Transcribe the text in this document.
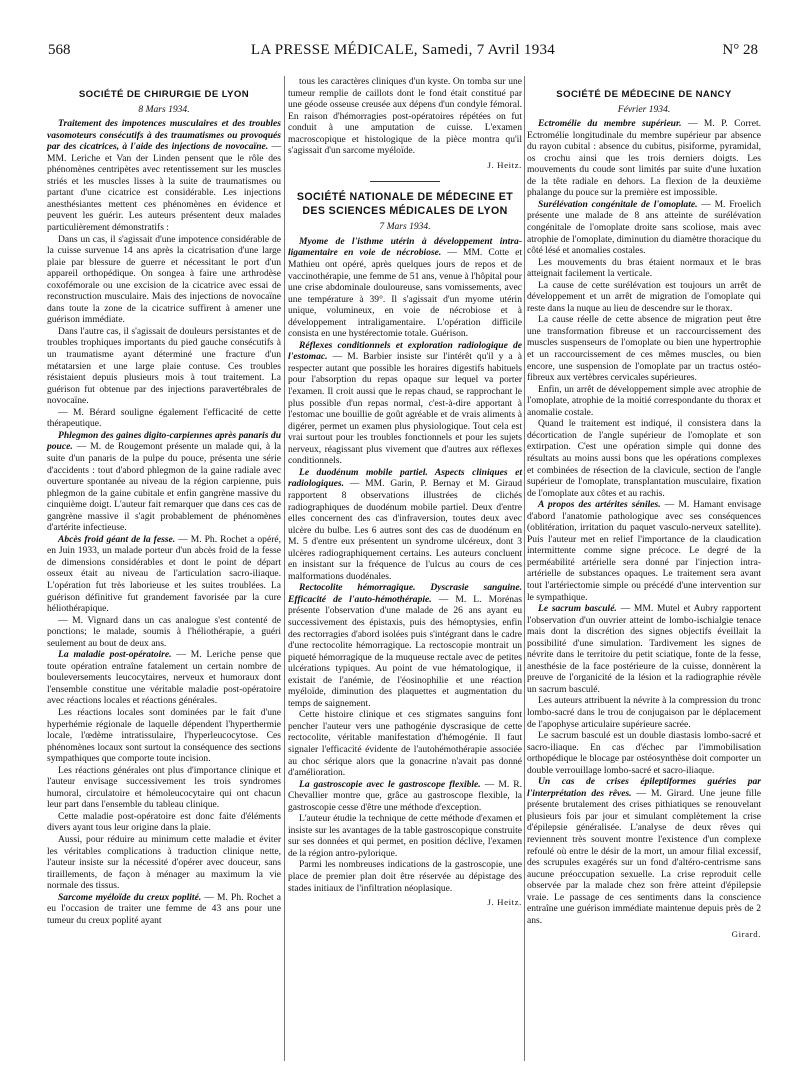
568	LA PRESSE MÉDICALE, Samedi, 7 Avril 1934	N° 28
SOCIÉTÉ DE CHIRURGIE DE LYON
8 Mars 1934.

Traitement des impotences musculaires et des troubles vasomoteurs consécutifs à des traumatismes ou provoqués par des cicatrices, à l'aide des injections de novocaïne. — MM. Leriche et Van der Linden pensent que le rôle des phénomènes centripètes avec retentissement sur les muscles striés et les muscles lisses à la suite de traumatismes ou partant d'une cicatrice est considérable. Les injections anesthésiantes mettent ces phénomènes en évidence et peuvent les guérir. Les auteurs présentent deux malades particulièrement démonstratifs :

Dans un cas, il s'agissait d'une impotence considérable de la cuisse survenue 14 ans après la cicatrisation d'une large plaie par blessure de guerre et nécessitant le port d'un appareil orthopédique. On songea à faire une arthrodèse coxofémorale ou une excision de la cicatrice avec essai de reconstruction musculaire. Mais des injections de novocaïne dans toute la zone de la cicatrice suffirent à amener une guérison immédiate.

Dans l'autre cas, il s'agissait de douleurs persistantes et de troubles trophiques importants du pied gauche consécutifs à un traumatisme ayant déterminé une fracture d'un métatarsien et une large plaie contuse. Ces troubles résistaient depuis plusieurs mois à tout traitement. La guérison fut obtenue par des injections paravertébrales de novocaïne.

— M. Bérard souligne également l'efficacité de cette thérapeutique.

Phlegmon des gaines digito-carpiennes après panaris du pouce. — M. de Rougemont présente un malade qui, à la suite d'un panaris de la pulpe du pouce, présenta une série d'accidents : tout d'abord phlegmon de la gaine radiale avec ouverture spontanée au niveau de la région carpienne, puis phlegmon de la gaine cubitale et enfin gangrène massive du cinquième doigt. L'auteur fait remarquer que dans ces cas de gangrène massive il s'agit probablement de phénomènes d'artérite infectieuse.

Abcès froid géant de la fesse. — M. Ph. Rochet a opéré, en Juin 1933, un malade porteur d'un abcès froid de la fesse de dimensions considérables et dont le point de départ osseux était au niveau de l'articulation sacro-iliaque. L'opération fut très laborieuse et les suites troublées. La guérison définitive fut grandement favorisée par la cure héliothérapique.

— M. Vignard dans un cas analogue s'est contenté de ponctions; le malade, soumis à l'héliothérapie, a guéri seulement au bout de deux ans.

La maladie post-opératoire. — M. Leriche pense que toute opération entraîne fatalement un certain nombre de bouleversements leucocytaires, nerveux et humoraux dont l'ensemble constitue une véritable maladie post-opératoire avec réactions locales et réactions générales.

Les réactions locales sont dominées par le fait d'une hyperhémie régionale de laquelle dépendent l'hyperthermie locale, l'œdème intratissulaire, l'hyperleucocytose. Ces phénomènes locaux sont surtout la conséquence des sections sympathiques que comporte toute incision.

Les réactions générales ont plus d'importance clinique et l'auteur envisage successivement les trois syndromes humoral, circulatoire et hémoleucocytaire qui ont chacun leur part dans l'ensemble du tableau clinique.

Cette maladie post-opératoire est donc faite d'éléments divers ayant tous leur origine dans la plaie.

Aussi, pour réduire au minimum cette maladie et éviter les véritables complications à traduction clinique nette, l'auteur insiste sur la nécessité d'opérer avec douceur, sans tiraillements, de façon à ménager au maximum la vie normale des tissus.

Sarcome myéloïde du creux poplité. — M. Ph. Rochet a eu l'occasion de traiter une femme de 43 ans pour une tumeur du creux poplité ayant

tous les caractères cliniques d'un kyste. On tomba sur une tumeur remplie de caillots dont le fond était constitué par une géode osseuse creusée aux dépens d'un condyle fémoral. En raison d'hémorragies post-opératoires répétées on fut conduit à une amputation de cuisse. L'examen macroscopique et histologique de la pièce montra qu'il s'agissait d'un sarcome myéloïde.

J. Heitz.
SOCIÉTÉ NATIONALE DE MÉDECINE ET DES SCIENCES MÉDICALES DE LYON
7 Mars 1934.

Myome de l'isthme utérin à développement intra-ligamentaire en voie de nécrobiose. — MM. Cotte et Mathieu ont opéré, après quelques jours de repos et de vaccinothérapie, une femme de 51 ans, venue à l'hôpital pour une crise abdominale douloureuse, sans vomissements, avec une température à 39°. Il s'agissait d'un myome utérin unique, volumineux, en voie de nécrobiose et à développement intraligamentaire. L'opération difficile consista en une hystérectomie totale. Guérison.

Réflexes conditionnels et exploration radiologique de l'estomac. — M. Barbier insiste sur l'intérêt qu'il y a à respecter autant que possible les horaires digestifs habituels pour l'absorption du repas opaque sur lequel va porter l'examen. Il croit aussi que le repas chaud, se rapprochant le plus possible d'un repas normal, c'est-à-dire apportant à l'estomac une bouillie de goût agréable et de vrais aliments à digérer, permet un examen plus physiologique. Tout cela est vrai surtout pour les troubles fonctionnels et pour les sujets nerveux, réagissant plus vivement que d'autres aux réflexes conditionnels.

Le duodénum mobile partiel. Aspects cliniques et radiologiques. — MM. Garin, P. Bernay et M. Giraud rapportent 8 observations illustrées de clichés radiographiques de duodénum mobile partiel. Deux d'entre elles concernent des cas d'infraversion, toutes deux avec ulcère du bulbe. Les 6 autres sont des cas de duodénum en M. 5 d'entre eux présentent un syndrome ulcéreux, dont 3 ulcères radiographiquement certains. Les auteurs concluent en insistant sur la fréquence de l'ulcus au cours de ces malformations duodénales.

Rectocolite hémorragique. Dyscrasie sanguine. Efficacité de l'auto-hémothérapie. — M. L. Morénas présente l'observation d'une malade de 26 ans ayant eu successivement des épistaxis, puis des hémoptysies, enfin des rectorragies d'abord isolées puis s'intégrant dans le cadre d'une rectocolite hémorragique. La rectoscopie montrait un piqueté hémorragique de la muqueuse rectale avec de petites ulcérations typiques. Au point de vue hématologique, il existait de l'anémie, de l'éosinophilie et une réaction myéloïde, diminution des plaquettes et augmentation du temps de saignement.

Cette histoire clinique et ces stigmates sanguins font pencher l'auteur vers une pathogénie dyscrasique de cette rectocolite, véritable manifestation d'hémogénie. Il faut signaler l'efficacité évidente de l'autohémothérapie associée au choc sérique alors que la gonacrine n'avait pas donné d'amélioration.

La gastroscopie avec le gastroscope flexible. — M. R. Chevallier montre que, grâce au gastroscope flexible, la gastroscopie cesse d'être une méthode d'exception.

L'auteur étudie la technique de cette méthode d'examen et insiste sur les avantages de la table gastroscopique construite sur ses données et qui permet, en position déclive, l'examen de la région antro-pylorique.

Parmi les nombreuses indications de la gastroscopie, une place de premier plan doit être réservée au dépistage des stades initiaux de l'infiltration néoplasique.

J. Heitz.
SOCIÉTÉ DE MÉDECINE DE NANCY
Février 1934.

Ectromélie du membre supérieur. — M. P. Corret. Ectromélie longitudinale du membre supérieur par absence du rayon cubital : absence du cubitus, pisiforme, pyramidal, os crochu ainsi que les trois derniers doigts. Les mouvements du coude sont limités par suite d'une luxation de la tête radiale en dehors. La flexion de la deuxième phalange du pouce sur la première est impossible.

Surélévation congénitale de l'omoplate. — M. Froelich présente une malade de 8 ans atteinte de surélévation congénitale de l'omoplate droite sans scoliose, mais avec atrophie de l'omoplate, diminution du diamètre thoracique du côté lésé et anomalies costales.

Les mouvements du bras étaient normaux et le bras atteignait facilement la verticale.

La cause de cette surélévation est toujours un arrêt de développement et un arrêt de migration de l'omoplate qui reste dans la nuque au lieu de descendre sur le thorax.

La cause réelle de cette absence de migration peut être une transformation fibreuse et un raccourcissement des muscles suspenseurs de l'omoplate ou bien une hypertrophie et un raccourcissement de ces mêmes muscles, ou bien encore, une suspension de l'omoplate par un tractus ostéo-fibreux aux vertèbres cervicales supérieures.

Enfin, un arrêt de développement simple avec atrophie de l'omoplate, atrophie de la moitié correspondante du thorax et anomalie costale.

Quand le traitement est indiqué, il consistera dans la décortication de l'angle supérieur de l'omoplate et son extirpation. C'est une opération simple qui donne des résultats au moins aussi bons que les opérations complexes et combinées de résection de la clavicule, section de l'angle supérieur de l'omoplate, transplantation musculaire, fixation de l'omoplate aux côtes et au rachis.

A propos des artérites séniles. — M. Hamant envisage d'abord l'anatomie pathologique avec ses conséquences (oblitération, irritation du paquet vasculo-nerveux satellite). Puis l'auteur met en relief l'importance de la claudication intermittente comme signe précoce. Le degré de la perméabilité artérielle sera donné par l'injection intra-artérielle de substances opaques. Le traitement sera avant tout l'artériectomie simple ou précédé d'une intervention sur le sympathique.

Le sacrum basculé. — MM. Mutel et Aubry rapportent l'observation d'un ouvrier atteint de lombo-ischialgie tenace mais dont la discrétion des signes objectifs éveillait la possibilité d'une simulation. Tardivement les signes de névrite dans le territoire du petit sciatique, fonte de la fesse, anesthésie de la face postérieure de la cuisse, donnèrent la preuve de l'organicité de la lésion et la radiographie révèle un sacrum basculé.

Les auteurs attribuent la névrite à la compression du tronc lombo-sacré dans le trou de conjugaison par le déplacement de l'apophyse articulaire supérieure sacrée.

Le sacrum basculé est un double diastasis lombo-sacré et sacro-iliaque. En cas d'échec par l'immobilisation orthopédique le blocage par ostéosynthèse doit comporter un double verrouillage lombo-sacré et sacro-iliaque.

Un cas de crises épileptiformes guéries par l'interprétation des rêves. — M. Girard. Une jeune fille présente brutalement des crises pithiatiques se renouvelant plusieurs fois par jour et simulant complètement la crise d'épilepsie généralisée. L'analyse de deux rêves qui reviennent très souvent montre l'existence d'un complexe refoulé où entre le désir de la mort, un amour filial excessif, des scrupules exagérés sur un fond d'altéro-centrisme sans aucune préoccupation sexuelle. La crise reproduit celle observée par la malade chez son frère atteint d'épilepsie vraie. Le passage de ces sentiments dans la conscience entraîne une guérison immédiate maintenue depuis près de 2 ans.

Girard.
